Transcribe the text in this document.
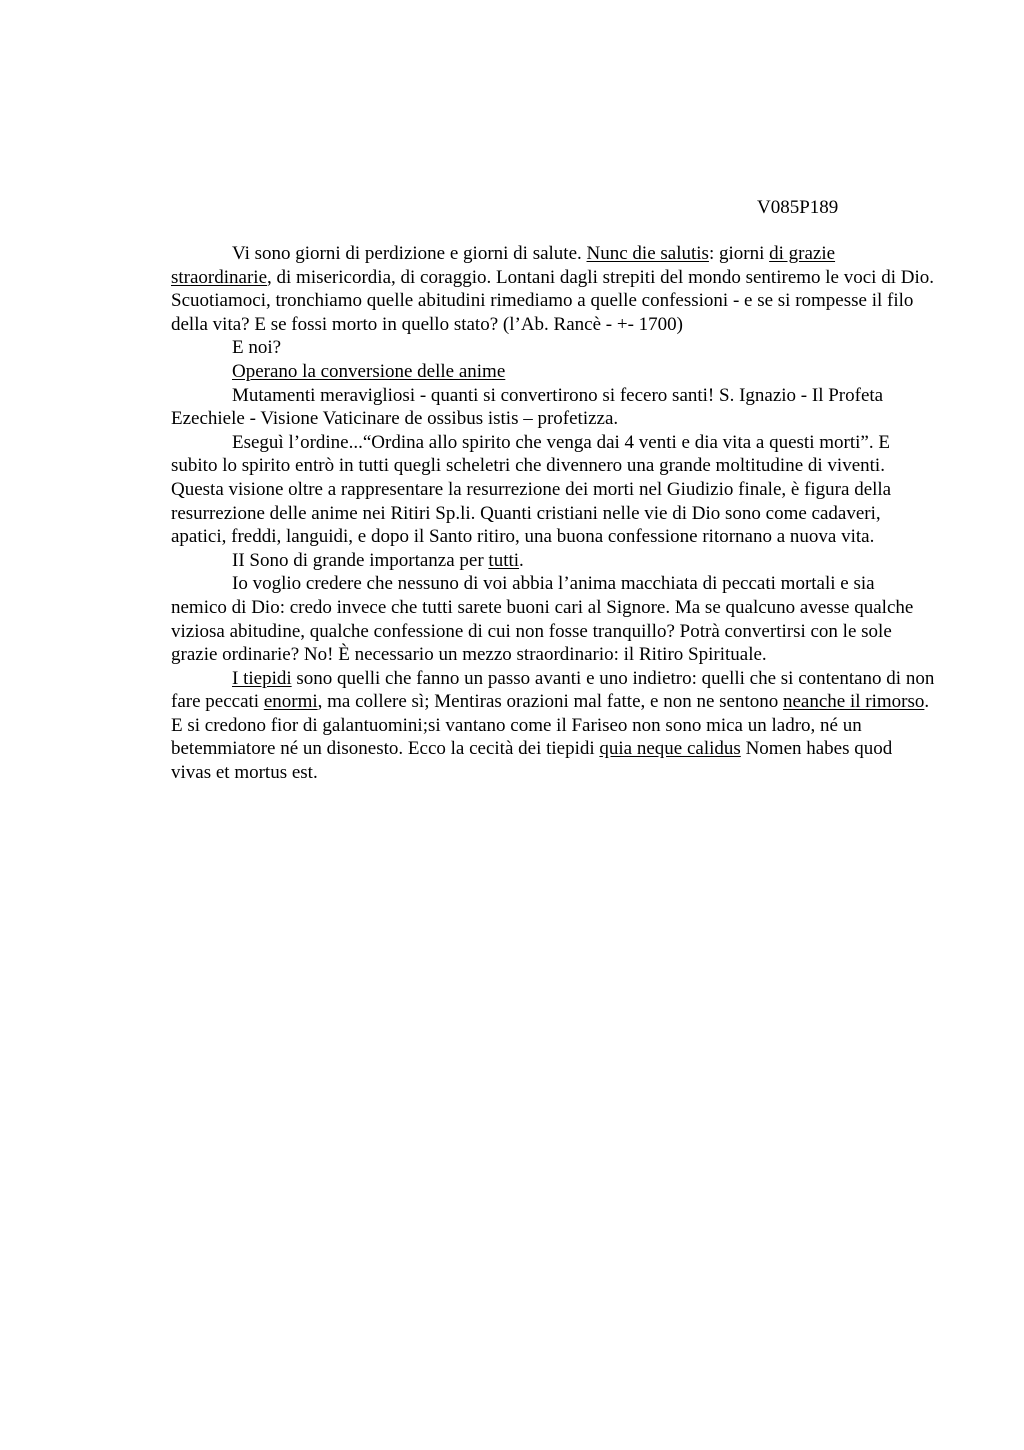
V085P189

Vi sono giorni di perdizione e giorni di salute. Nunc die salutis: giorni di grazie straordinarie, di misericordia, di coraggio. Lontani dagli strepiti del mondo sentiremo le voci di Dio. Scuotiamoci, tronchiamo quelle abitudini rimediamo a quelle confessioni - e se si rompesse il filo della vita? E se fossi morto in quello stato? (l’Ab. Rancè - +- 1700)

E noi?

Operano la conversione delle anime

Mutamenti meravigliosi - quanti si convertirono si fecero santi! S. Ignazio - Il Profeta Ezechiele - Visione Vaticinare de ossibus istis – profetizza.

Eseguì l’ordine...“Ordina allo spirito che venga dai 4 venti e dia vita a questi morti”. E subito lo spirito entrò in tutti quegli scheletri che divennero una grande moltitudine di viventi. Questa visione oltre a rappresentare la resurrezione dei morti nel Giudizio finale, è figura della resurrezione delle anime nei Ritiri Sp.li. Quanti cristiani nelle vie di Dio sono come cadaveri, apatici, freddi, languidi, e dopo il Santo ritiro, una buona confessione ritornano a nuova vita.

II Sono di grande importanza per tutti.

Io voglio credere che nessuno di voi abbia l’anima macchiata di peccati mortali e sia nemico di Dio: credo invece che tutti sarete buoni cari al Signore. Ma se qualcuno avesse qualche viziosa abitudine, qualche confessione di cui non fosse tranquillo? Potrà convertirsi con le sole grazie ordinarie? No! È necessario un mezzo straordinario: il Ritiro Spirituale.

I tiepidi sono quelli che fanno un passo avanti e uno indietro: quelli che si contentano di non fare peccati enormi, ma collere sì; Mentiras orazioni mal fatte, e non ne sentono neanche il rimorso. E si credono fior di galantuomini;si vantano come il Fariseo non sono mica un ladro, né un betemmiatore né un disonesto. Ecco la cecità dei tiepidi quia neque calidus Nomen habes quod vivas et mortus est.
